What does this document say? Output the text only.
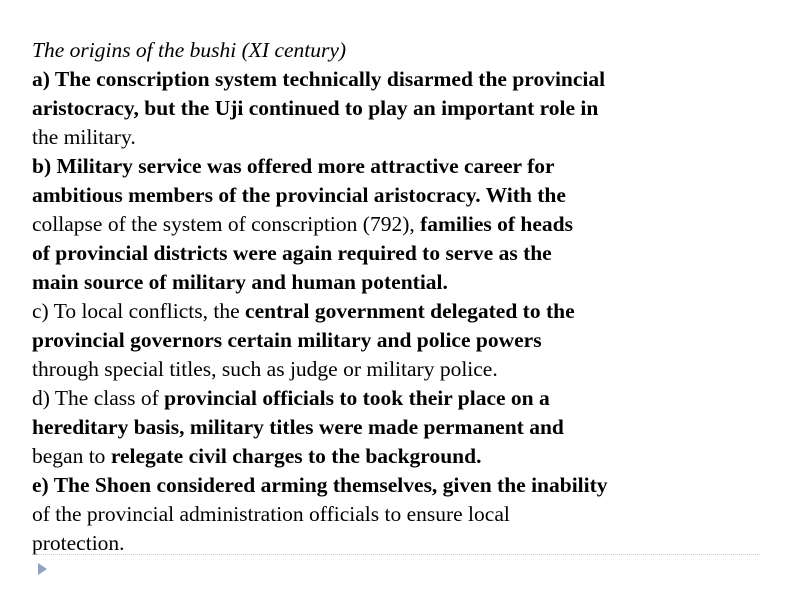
The origins of the bushi (XI century)
a) The conscription system technically disarmed the provincial
aristocracy, but the Uji continued to play an important role in
the military.
b) Military service was offered more attractive career for
ambitious members of the provincial aristocracy. With the
collapse of the system of conscription (792), families of heads
of provincial districts were again required to serve as the
main source of military and human potential.
c) To local conflicts, the central government delegated to the
provincial governors certain military and police powers
through special titles, such as judge or military police.
d) The class of provincial officials to took their place on a
hereditary basis, military titles were made permanent and
began to relegate civil charges to the background.
e) The Shoen considered arming themselves, given the inability
of the provincial administration officials to ensure local
protection.
